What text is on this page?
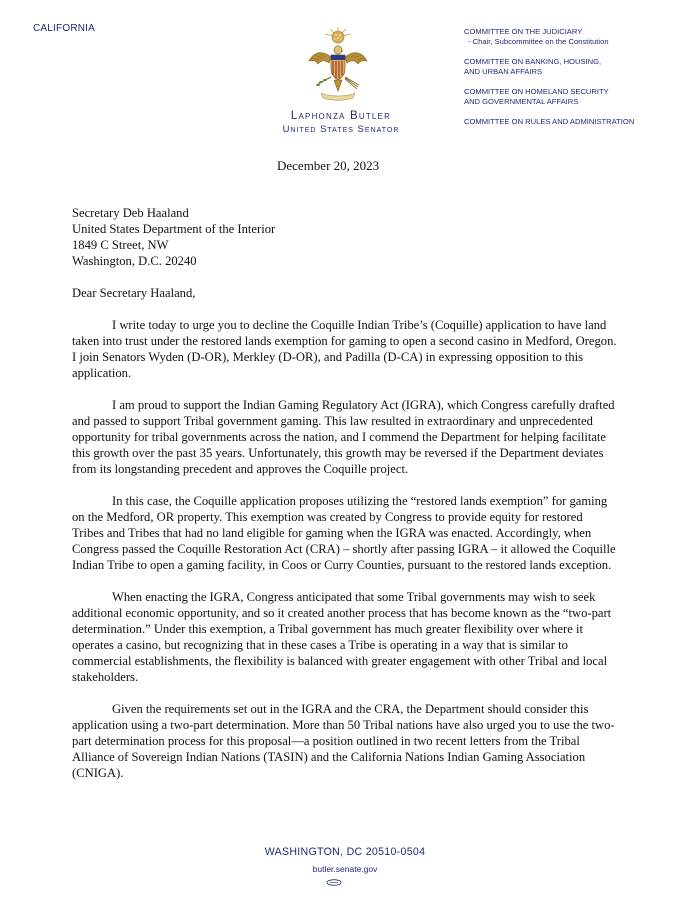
CALIFORNIA
Laphonza Butler
United States Senator
COMMITTEE ON THE JUDICIARY
- Chair, Subcommittee on the Constitution
COMMITTEE ON BANKING, HOUSING,
AND URBAN AFFAIRS
COMMITTEE ON HOMELAND SECURITY
AND GOVERNMENTAL AFFAIRS
COMMITTEE ON RULES AND ADMINISTRATION
December 20, 2023
Secretary Deb Haaland
United States Department of the Interior
1849 C Street, NW
Washington, D.C. 20240
Dear Secretary Haaland,
I write today to urge you to decline the Coquille Indian Tribe’s (Coquille) application to have land taken into trust under the restored lands exemption for gaming to open a second casino in Medford, Oregon. I join Senators Wyden (D-OR), Merkley (D-OR), and Padilla (D-CA) in expressing opposition to this application.
I am proud to support the Indian Gaming Regulatory Act (IGRA), which Congress carefully drafted and passed to support Tribal government gaming. This law resulted in extraordinary and unprecedented opportunity for tribal governments across the nation, and I commend the Department for helping facilitate this growth over the past 35 years. Unfortunately, this growth may be reversed if the Department deviates from its longstanding precedent and approves the Coquille project.
In this case, the Coquille application proposes utilizing the “restored lands exemption” for gaming on the Medford, OR property. This exemption was created by Congress to provide equity for restored Tribes and Tribes that had no land eligible for gaming when the IGRA was enacted. Accordingly, when Congress passed the Coquille Restoration Act (CRA) – shortly after passing IGRA – it allowed the Coquille Indian Tribe to open a gaming facility, in Coos or Curry Counties, pursuant to the restored lands exception.
When enacting the IGRA, Congress anticipated that some Tribal governments may wish to seek additional economic opportunity, and so it created another process that has become known as the “two-part determination.” Under this exemption, a Tribal government has much greater flexibility over where it operates a casino, but recognizing that in these cases a Tribe is operating in a way that is similar to commercial establishments, the flexibility is balanced with greater engagement with other Tribal and local stakeholders.
Given the requirements set out in the IGRA and the CRA, the Department should consider this application using a two-part determination. More than 50 Tribal nations have also urged you to use the two-part determination process for this proposal—a position outlined in two recent letters from the Tribal Alliance of Sovereign Indian Nations (TASIN) and the California Nations Indian Gaming Association (CNIGA).
WASHINGTON, DC 20510-0504
butler.senate.gov
